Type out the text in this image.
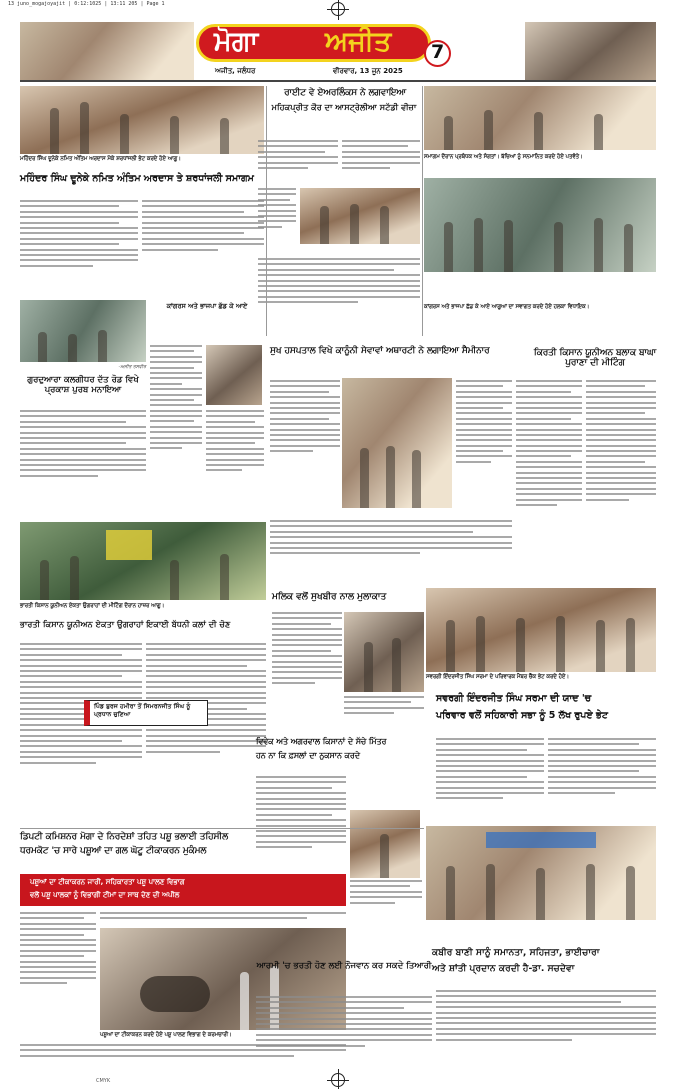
13 juno_mogajoyajit | 0:12:1025 | 13:11 205 | Page 1
CMYK
ਮੋਗਾ ਅਜੀਤ 7
ਅਜੀਤ, ਜਲੰਧਰ	ਵੀਰਵਾਰ, 13 ਜੂਨ 2025
ਮਹਿੰਦਰ ਸਿੰਘ ਦੂਨੇਕੇ ਨਮਿਤ ਅੰਤਿਮ ਅਰਦਾਸ ਮੌਕੇ ਸ਼ਰਧਾਂਜਲੀ ਭੇਟ ਕਰਦੇ ਹੋਏ ਆਗੂ।
ਮਹਿੰਦਰ ਸਿੰਘ ਦੂਨੇਕੇ ਨਮਿਤ ਅੰਤਿਮ ਅਰਦਾਸ ਤੇ ਸ਼ਰਧਾਂਜਲੀ ਸਮਾਗਮ
-ਅਜੀਤ ਤਸਵੀਰ
ਕਾਂਗਰਸ ਅਤੇ ਭਾਜਪਾ ਛੱਡ ਕੇ ਆਏ
ਗੁਰਦੁਆਰਾ ਕਲਗੀਧਰ ਦੱਤ ਰੋਡ ਵਿਖੇ ਪ੍ਰਕਾਸ਼ ਪੁਰਬ ਮਨਾਇਆ
ਭਾਰਤੀ ਕਿਸਾਨ ਯੂਨੀਅਨ ਏਕਤਾ ਉਗਰਾਹਾਂ ਦੀ ਮੀਟਿੰਗ ਦੌਰਾਨ ਹਾਜ਼ਰ ਆਗੂ।
ਭਾਰਤੀ ਕਿਸਾਨ ਯੂਨੀਅਨ ਏਕਤਾ ਉਗਰਾਹਾਂ ਇਕਾਈ ਬੱਧਨੀ ਕਲਾਂ ਦੀ ਚੋਣ
ਪਿੰਡ ਬੁਰਜ ਹਮੀਰਾ ਤੋਂ ਸਿਮਰਨਜੀਤ ਸਿੰਘ ਨੂੰ ਪ੍ਰਧਾਨ ਚੁਣਿਆ
ਡਿਪਟੀ ਕਮਿਸ਼ਨਰ ਮੋਗਾ ਦੇ ਨਿਰਦੇਸ਼ਾਂ ਤਹਿਤ ਪਸ਼ੂ ਭਲਾਈ ਤਹਿਸੀਲ
ਧਰਮਕੋਟ 'ਚ ਸਾਰੇ ਪਸ਼ੂਆਂ ਦਾ ਗਲ ਘੋਟੂ ਟੀਕਾਕਰਨ ਮੁਕੰਮਲ
ਪਸ਼ੂਆਂ ਦਾ ਟੀਕਾਕਰਨ ਜਾਰੀ, ਸਹਿਕਾਰਤਾ ਪਸ਼ੂ ਪਾਲਣ ਵਿਭਾਗ
ਵਲੋਂ ਪਸ਼ੂ ਪਾਲਕਾਂ ਨੂੰ ਵਿਭਾਗੀ ਟੀਮਾਂ ਦਾ ਸਾਥ ਦੇਣ ਦੀ ਅਪੀਲ
ਪਸ਼ੂਆਂ ਦਾ ਟੀਕਾਕਰਨ ਕਰਦੇ ਹੋਏ ਪਸ਼ੂ ਪਾਲਣ ਵਿਭਾਗ ਦੇ ਕਰਮਚਾਰੀ।
ਰਾਈਟ ਵੇ ਏਅਰਲਿੰਕਸ ਨੇ ਲਗਵਾਇਆ
ਮਹਿਕਪ੍ਰੀਤ ਕੌਰ ਦਾ ਆਸਟ੍ਰੇਲੀਆ ਸਟੱਡੀ ਵੀਜ਼ਾ
ਸੁਖ ਹਸਪਤਾਲ ਵਿਖੇ ਕਾਨੂੰਨੀ ਸੇਵਾਵਾਂ ਅਥਾਰਟੀ ਨੇ ਲਗਾਇਆ ਸੈਮੀਨਾਰ
ਮਲਿਕ ਵਲੋਂ ਸੁਖਬੀਰ ਨਾਲ ਮੁਲਾਕਾਤ
ਵਿਵੇਕ ਅਤੇ ਅਗਰਵਾਲ ਕਿਸਾਨਾਂ ਦੇ ਸੱਚੇ ਮਿੱਤਰ
ਹਨ ਨਾ ਕਿ ਫ਼ਸਲਾਂ ਦਾ ਨੁਕਸਾਨ ਕਰਦੇ
ਆਰਮੀ 'ਚ ਭਰਤੀ ਹੋਣ ਲਈ ਨੌਜਵਾਨ ਕਰ ਸਕਦੇ ਤਿਆਰੀ
ਸਮਾਗਮ ਦੌਰਾਨ ਪ੍ਰਬੰਧਕ ਅਤੇ ਸੰਗਤਾਂ। ਬੱਚਿਆਂ ਨੂੰ ਸਨਮਾਨਿਤ ਕਰਦੇ ਹੋਏ ਪਤਵੰਤੇ।
ਕਾਂਗਰਸ ਅਤੇ ਭਾਜਪਾ ਛੱਡ ਕੇ ਆਏ ਆਗੂਆਂ ਦਾ ਸਵਾਗਤ ਕਰਦੇ ਹੋਏ ਹਲਕਾ ਵਿਧਾਇਕ।
ਕਿਰਤੀ ਕਿਸਾਨ ਯੂਨੀਅਨ ਬਲਾਕ ਬਾਘਾ ਪੁਰਾਣਾ ਦੀ ਮੀਟਿੰਗ
ਸਵਰਗੀ ਇੰਦਰਜੀਤ ਸਿੰਘ ਸਰਮਾ ਦੇ ਪਰਿਵਾਰਕ ਮੈਂਬਰ ਚੈੱਕ ਭੇਟ ਕਰਦੇ ਹੋਏ।
ਸਵਰਗੀ ਇੰਦਰਜੀਤ ਸਿੰਘ ਸਰਮਾ ਦੀ ਯਾਦ 'ਚ
ਪਰਿਵਾਰ ਵਲੋਂ ਸਹਿਕਾਰੀ ਸਭਾ ਨੂੰ 5 ਲੱਖ ਰੁਪਏ ਭੇਟ
ਕਬੀਰ ਬਾਣੀ ਸਾਨੂੰ ਸਮਾਨਤਾ, ਸਹਿਜਤਾ, ਭਾਈਚਾਰਾ
ਅਤੇ ਸ਼ਾਂਤੀ ਪ੍ਰਦਾਨ ਕਰਦੀ ਹੈ-ਡਾ. ਸਚਦੇਵਾ
